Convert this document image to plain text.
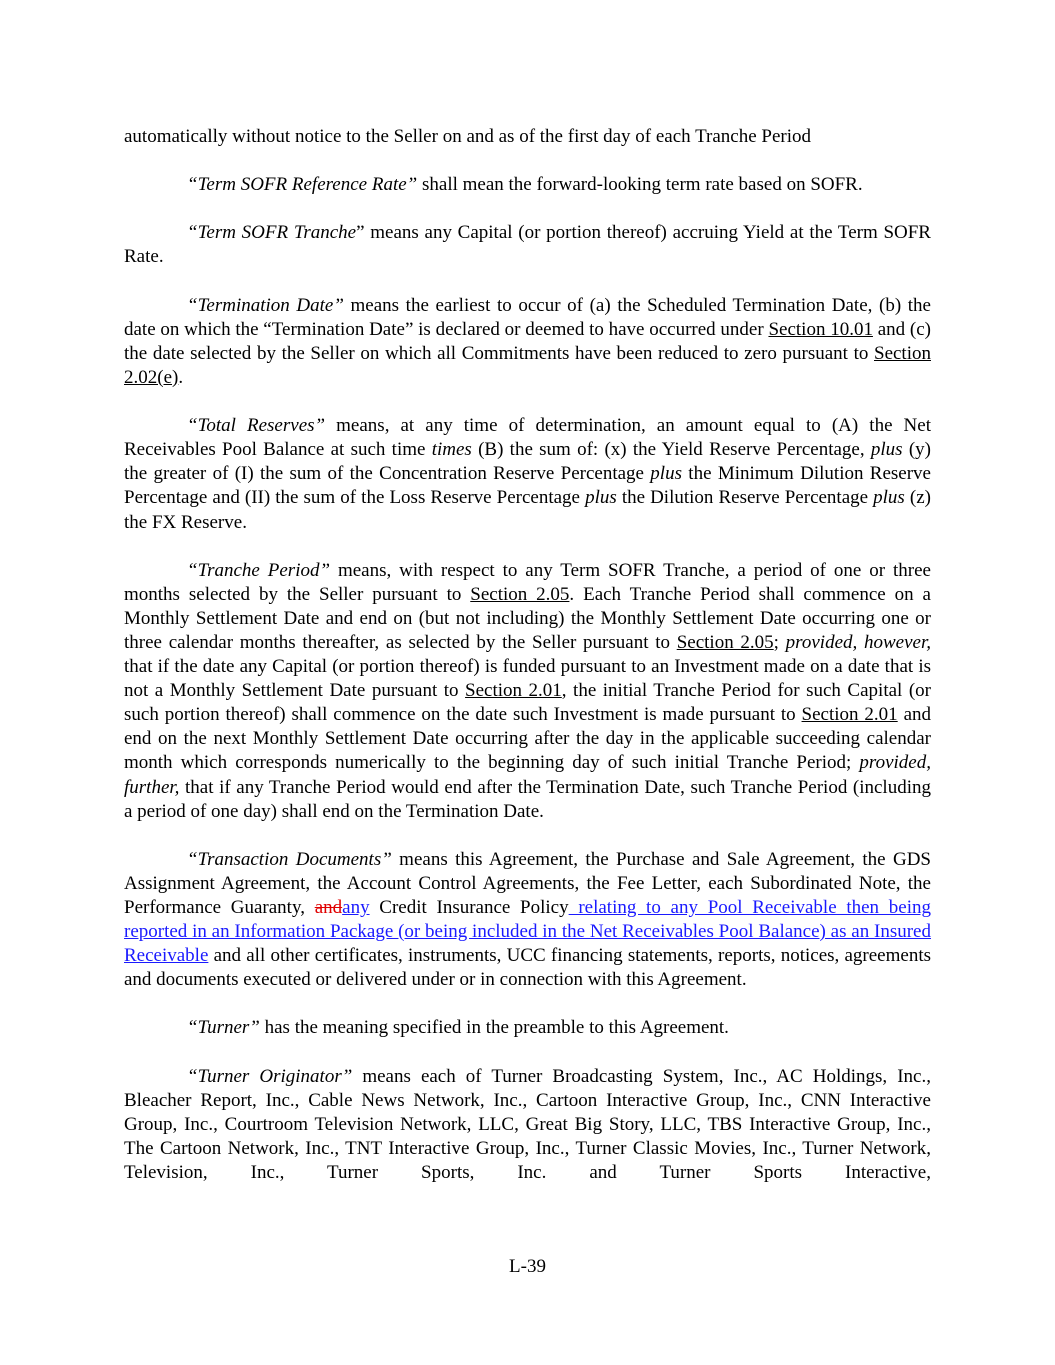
automatically without notice to the Seller on and as of the first day of each Tranche Period

“Term SOFR Reference Rate” shall mean the forward-looking term rate based on SOFR.

“Term SOFR Tranche” means any Capital (or portion thereof) accruing Yield at the Term SOFR Rate.

“Termination Date” means the earliest to occur of (a) the Scheduled Termination Date, (b) the date on which the “Termination Date” is declared or deemed to have occurred under Section 10.01 and (c) the date selected by the Seller on which all Commitments have been reduced to zero pursuant to Section 2.02(e).

“Total Reserves” means, at any time of determination, an amount equal to (A) the Net Receivables Pool Balance at such time times (B) the sum of: (x) the Yield Reserve Percentage, plus (y) the greater of (I) the sum of the Concentration Reserve Percentage plus the Minimum Dilution Reserve Percentage and (II) the sum of the Loss Reserve Percentage plus the Dilution Reserve Percentage plus (z) the FX Reserve.

“Tranche Period” means, with respect to any Term SOFR Tranche, a period of one or three months selected by the Seller pursuant to Section 2.05. Each Tranche Period shall commence on a Monthly Settlement Date and end on (but not including) the Monthly Settlement Date occurring one or three calendar months thereafter, as selected by the Seller pursuant to Section 2.05; provided, however, that if the date any Capital (or portion thereof) is funded pursuant to an Investment made on a date that is not a Monthly Settlement Date pursuant to Section 2.01, the initial Tranche Period for such Capital (or such portion thereof) shall commence on the date such Investment is made pursuant to Section 2.01 and end on the next Monthly Settlement Date occurring after the day in the applicable succeeding calendar month which corresponds numerically to the beginning day of such initial Tranche Period; provided, further, that if any Tranche Period would end after the Termination Date, such Tranche Period (including a period of one day) shall end on the Termination Date.

“Transaction Documents” means this Agreement, the Purchase and Sale Agreement, the GDS Assignment Agreement, the Account Control Agreements, the Fee Letter, each Subordinated Note, the Performance Guaranty, andany Credit Insurance Policy relating to any Pool Receivable then being reported in an Information Package (or being included in the Net Receivables Pool Balance) as an Insured Receivable and all other certificates, instruments, UCC financing statements, reports, notices, agreements and documents executed or delivered under or in connection with this Agreement.

“Turner” has the meaning specified in the preamble to this Agreement.

“Turner Originator” means each of Turner Broadcasting System, Inc., AC Holdings, Inc., Bleacher Report, Inc., Cable News Network, Inc., Cartoon Interactive Group, Inc., CNN Interactive Group, Inc., Courtroom Television Network, LLC, Great Big Story, LLC, TBS Interactive Group, Inc., The Cartoon Network, Inc., TNT Interactive Group, Inc., Turner Classic Movies, Inc., Turner Network, Television, Inc., Turner Sports, Inc. and Turner Sports Interactive,

L-39
